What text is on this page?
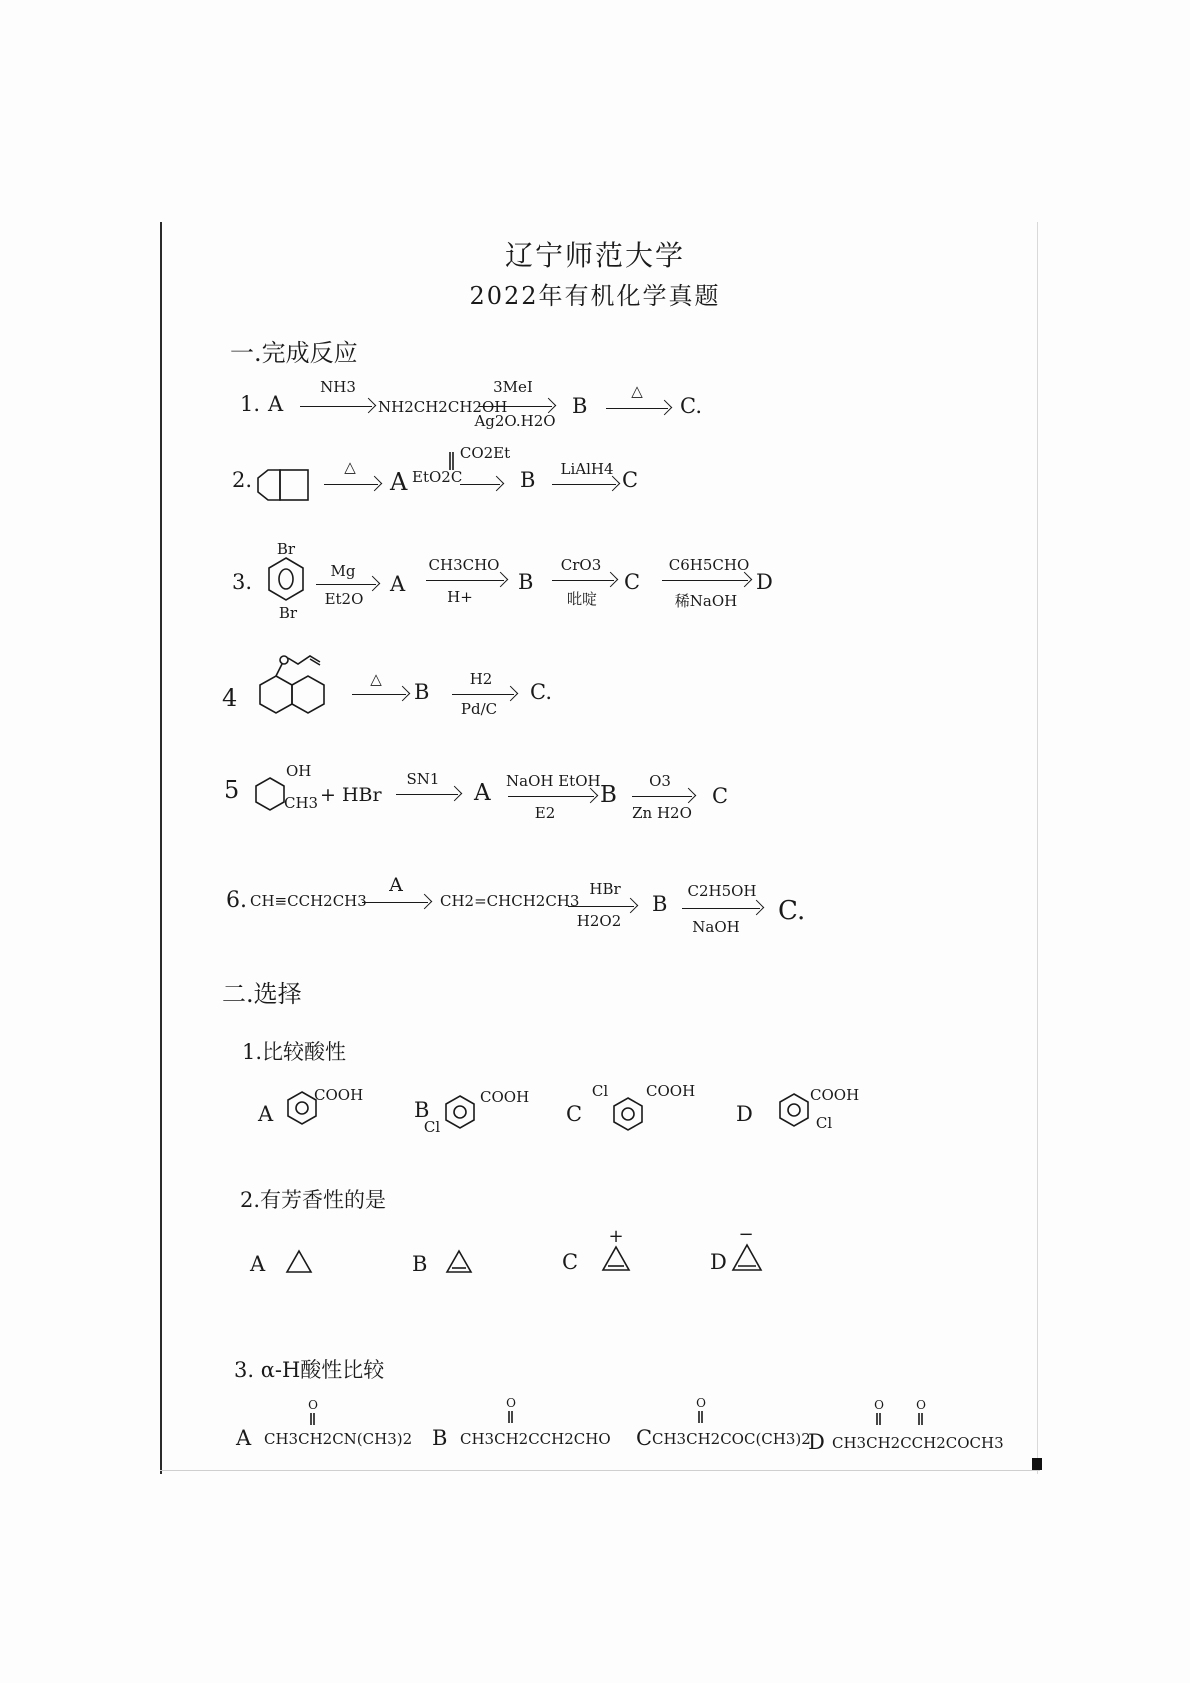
辽宁师范大学
2022年有机化学真题
一.完成反应
1. A
NH3
NH2CH2CH2OH
3MeI
Ag2O.H2O
B
△
C.
2.
△
A
CO2Et
EtO2C	B	LiAlH4 C
3.
Br
Br
Mg
Et2O
A
CH3CHO
H+
B
CrO3
吡啶
C
C6H5CHO
稀NaOH
D
4
△
B
H2
Pd/C
C.
5
OH
CH3 + HBr
SN1
A NaOH EtOH
E2
B
O3
Zn H2O
C
6. CH≡CCH2CH3
A
CH2=CHCH2CH3
HBr
H2O2
B
C2H5OH
NaOH
C.
二.选择
1.比较酸性
A
COOH
B
Cl
COOH
C
Cl	COOH
D
COOH
Cl
2.有芳香性的是
A	B	C
+
D
−
3. α-H酸性比较
A
O
CH3CH2CN(CH3)2 B
O
CH3CH2CCH2CHO C
O
CH3CH2COC(CH3)2
D
O	O
CH3CH2CCH2COCH3
